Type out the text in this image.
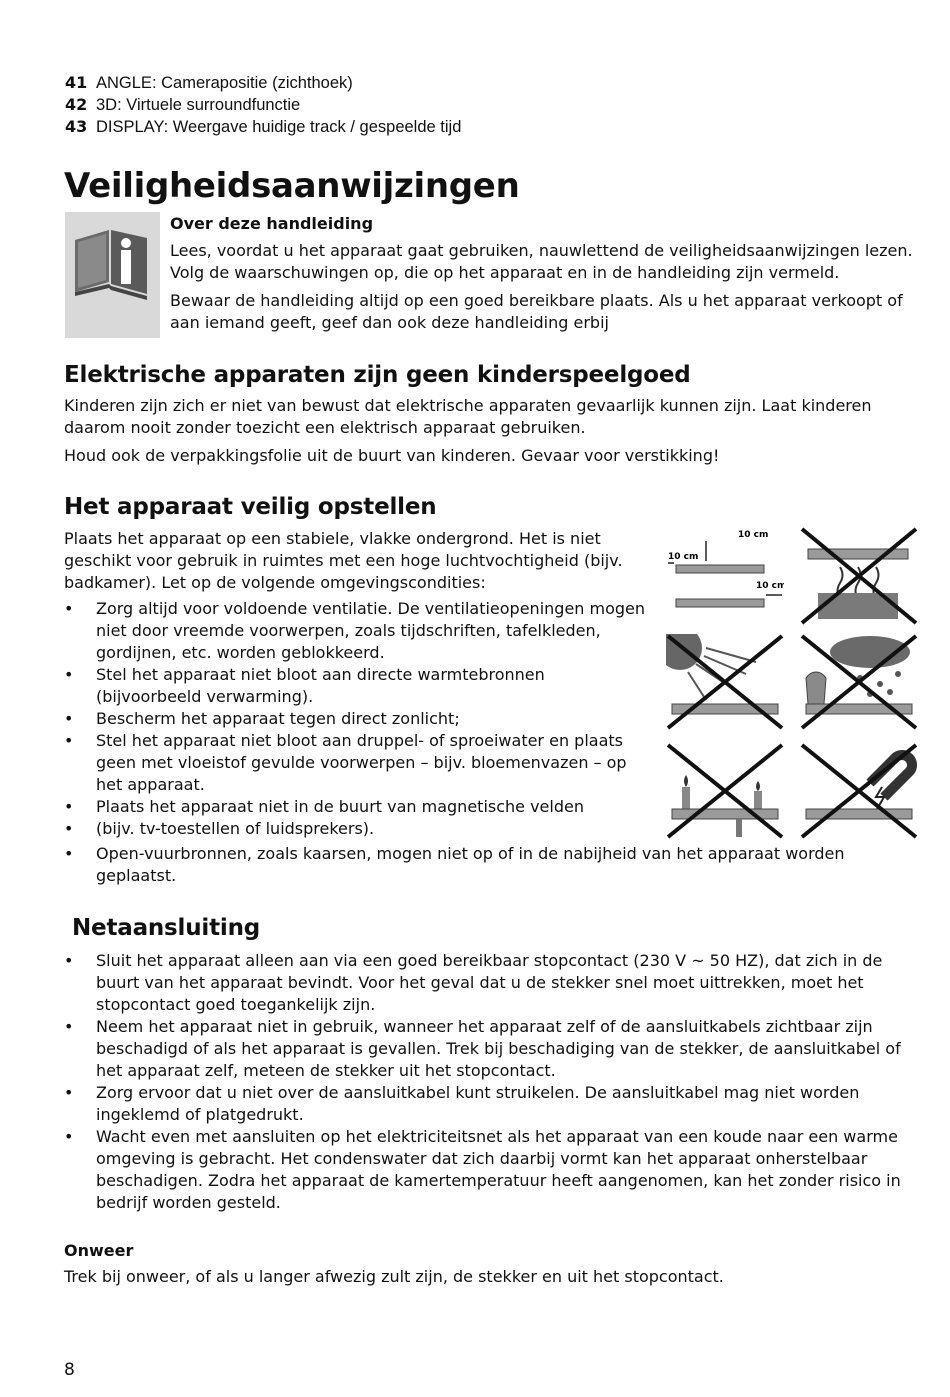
41 ANGLE: Camerapositie (zichthoek)
42 3D: Virtuele surroundfunctie
43 DISPLAY: Weergave huidige track / gespeelde tijd
Veiligheidsaanwijzingen
Over deze handleiding

Lees, voordat u het apparaat gaat gebruiken, nauwlettend de veiligheidsaanwijzingen lezen. Volg de waarschuwingen op, die op het apparaat en in de handleiding zijn vermeld.

Bewaar de handleiding altijd op een goed bereikbare plaats. Als u het apparaat verkoopt of aan iemand geeft, geef dan ook deze handleiding erbij

Elektrische apparaten zijn geen kinderspeelgoed

Kinderen zijn zich er niet van bewust dat elektrische apparaten gevaarlijk kunnen zijn. Laat kinderen daarom nooit zonder toezicht een elektrisch apparaat gebruiken.

Houd ook de verpakkingsfolie uit de buurt van kinderen. Gevaar voor verstikking!

Het apparaat veilig opstellen
Plaats het apparaat op een stabiele, vlakke ondergrond. Het is niet geschikt voor gebruik in ruimtes met een hoge luchtvochtigheid (bijv. badkamer). Let op de volgende omgevingscondities:
• Zorg altijd voor voldoende ventilatie. De ventilatieopeningen mogen niet door vreemde voorwerpen, zoals tijdschriften, tafelkleden, gordijnen, etc. worden geblokkeerd.
• Stel het apparaat niet bloot aan directe warmtebronnen (bijvoorbeeld verwarming).
• Bescherm het apparaat tegen direct zonlicht;
• Stel het apparaat niet bloot aan druppel- of sproeiwater en plaats geen met vloeistof gevulde voorwerpen – bijv. bloemenvazen – op het apparaat.
• Plaats het apparaat niet in de buurt van magnetische velden
• (bijv. tv-toestellen of luidsprekers).
• Open-vuurbronnen, zoals kaarsen, mogen niet op of in de nabijheid van het apparaat worden geplaatst.
10 cm
10 cm
10 cm
Netaansluiting
• Sluit het apparaat alleen aan via een goed bereikbaar stopcontact (230 V ~ 50 HZ), dat zich in de buurt van het apparaat bevindt. Voor het geval dat u de stekker snel moet uittrekken, moet het stopcontact goed toegankelijk zijn.
• Neem het apparaat niet in gebruik, wanneer het apparaat zelf of de aansluitkabels zichtbaar zijn beschadigd of als het apparaat is gevallen. Trek bij beschadiging van de stekker, de aansluitkabel of het apparaat zelf, meteen de stekker uit het stopcontact.
• Zorg ervoor dat u niet over de aansluitkabel kunt struikelen. De aansluitkabel mag niet worden ingeklemd of platgedrukt.
• Wacht even met aansluiten op het elektriciteitsnet als het apparaat van een koude naar een warme omgeving is gebracht. Het condenswater dat zich daarbij vormt kan het apparaat onherstelbaar beschadigen. Zodra het apparaat de kamertemperatuur heeft aangenomen, kan het zonder risico in bedrijf worden gesteld.
Onweer

Trek bij onweer, of als u langer afwezig zult zijn, de stekker en uit het stopcontact.

8
